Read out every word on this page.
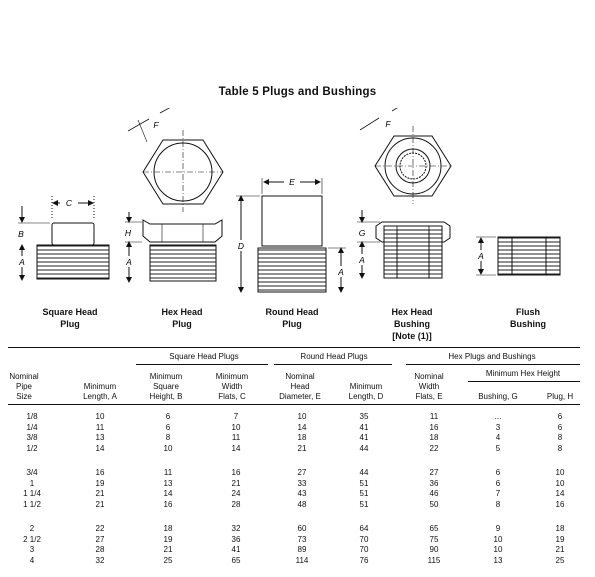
Table 5 Plugs and Bushings
C
B
A
F
H
A
E
D
A
F
G
A	A
Square Head
Plug
Hex Head
Plug
Round Head
Plug
Hex Head
Bushing
[Note (1)]
Flush
Bushing
Square Head Plugs	Round Head Plugs	Hex Plugs and Bushings
Minimum Hex Height
Nominal
Pipe
Size
Minimum
Length, A
Minimum
Square
Height, B
Minimum
Width
Flats, C
Nominal
Head
Diameter, E
Minimum
Length, D
Nominal
Width
Flats, E	Bushing, G	Plug, H
1/8	10	6	7	10	35	11	...	6
1/4	11	6	10	14	41	16	3	6
3/8	13	8	11	18	41	18	4	8
1/2	14	10	14	21	44	22	5	8
3/4	16	11	16	27	44	27	6	10
1	19	13	21	33	51	36	6	10
1 1/4	21	14	24	43	51	46	7	14
1 1/2	21	16	28	48	51	50	8	16
2	22	18	32	60	64	65	9	18
2 1/2	27	19	36	73	70	75	10	19
3	28	21	41	89	70	90	10	21
4	32	25	65	114	76	115	13	25
